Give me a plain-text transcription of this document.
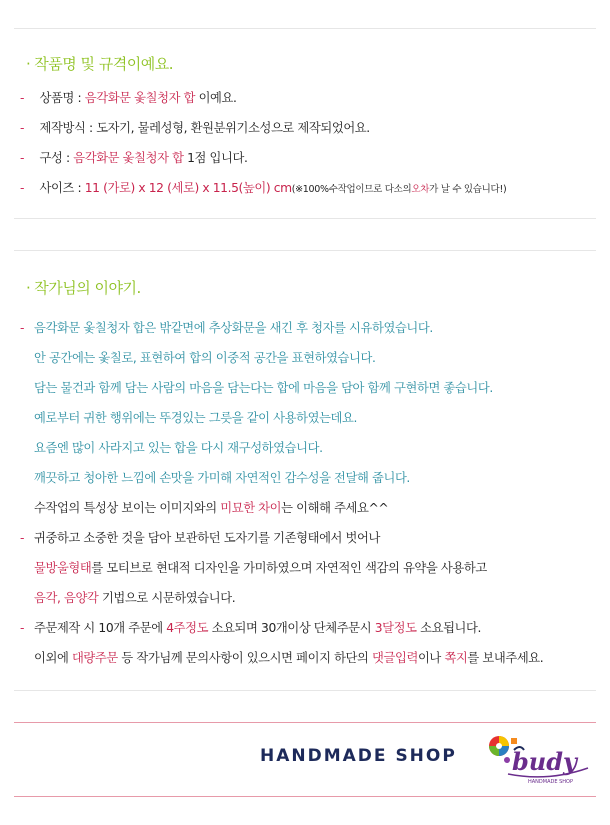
· 작품명 및 규격이예요.
- 상품명 : 음각화문 옻칠청자 합 이예요.
- 제작방식 : 도자기, 물레성형, 환원분위기소성으로 제작되었어요.
- 구성 : 음각화문 옻칠청자 합 1점 입니다.
- 사이즈 : 11 (가로) x 12 (세로) x 11.5(높이) cm(※100%수작업이므로 다소의오차가 날 수 있습니다!)
· 작가님의 이야기.
- 음각화문 옻칠청자 합은 밖같면에 추상화문을 새긴 후 청자를 시유하였습니다.
안 공간에는 옻칠로, 표현하여 합의 이중적 공간을 표현하였습니다.
담는 물건과 함께 담는 사람의 마음을 담는다는 합에 마음을 담아 함께 구현하면 좋습니다.
예로부터 귀한 행위에는 뚜경있는 그릇을 같이 사용하였는데요.
요즘엔 많이 사라지고 있는 합을 다시 재구성하였습니다.
깨끗하고 청아한 느낌에 손맛을 가미해 자연적인 감수성을 전달해 줍니다.
수작업의 특성상 보이는 이미지와의 미묘한 차이는 이해해 주세요^^
- 귀중하고 소중한 것을 담아 보관하던 도자기를 기존형태에서 벗어나
물방울형태를 모티브로 현대적 디자인을 가미하였으며 자연적인 색감의 유약을 사용하고
음각, 음양각 기법으로 시문하였습니다.
- 주문제작 시 10개 주문에 4주정도 소요되며 30개이상 단체주문시 3달정도 소요됩니다.
이외에 대량주문 등 작가님께 문의사항이 있으시면 페이지 하단의 댓글입력이나 쪽지를 보내주세요.
HANDMADE SHOP budy
HANDMADE SHOP
